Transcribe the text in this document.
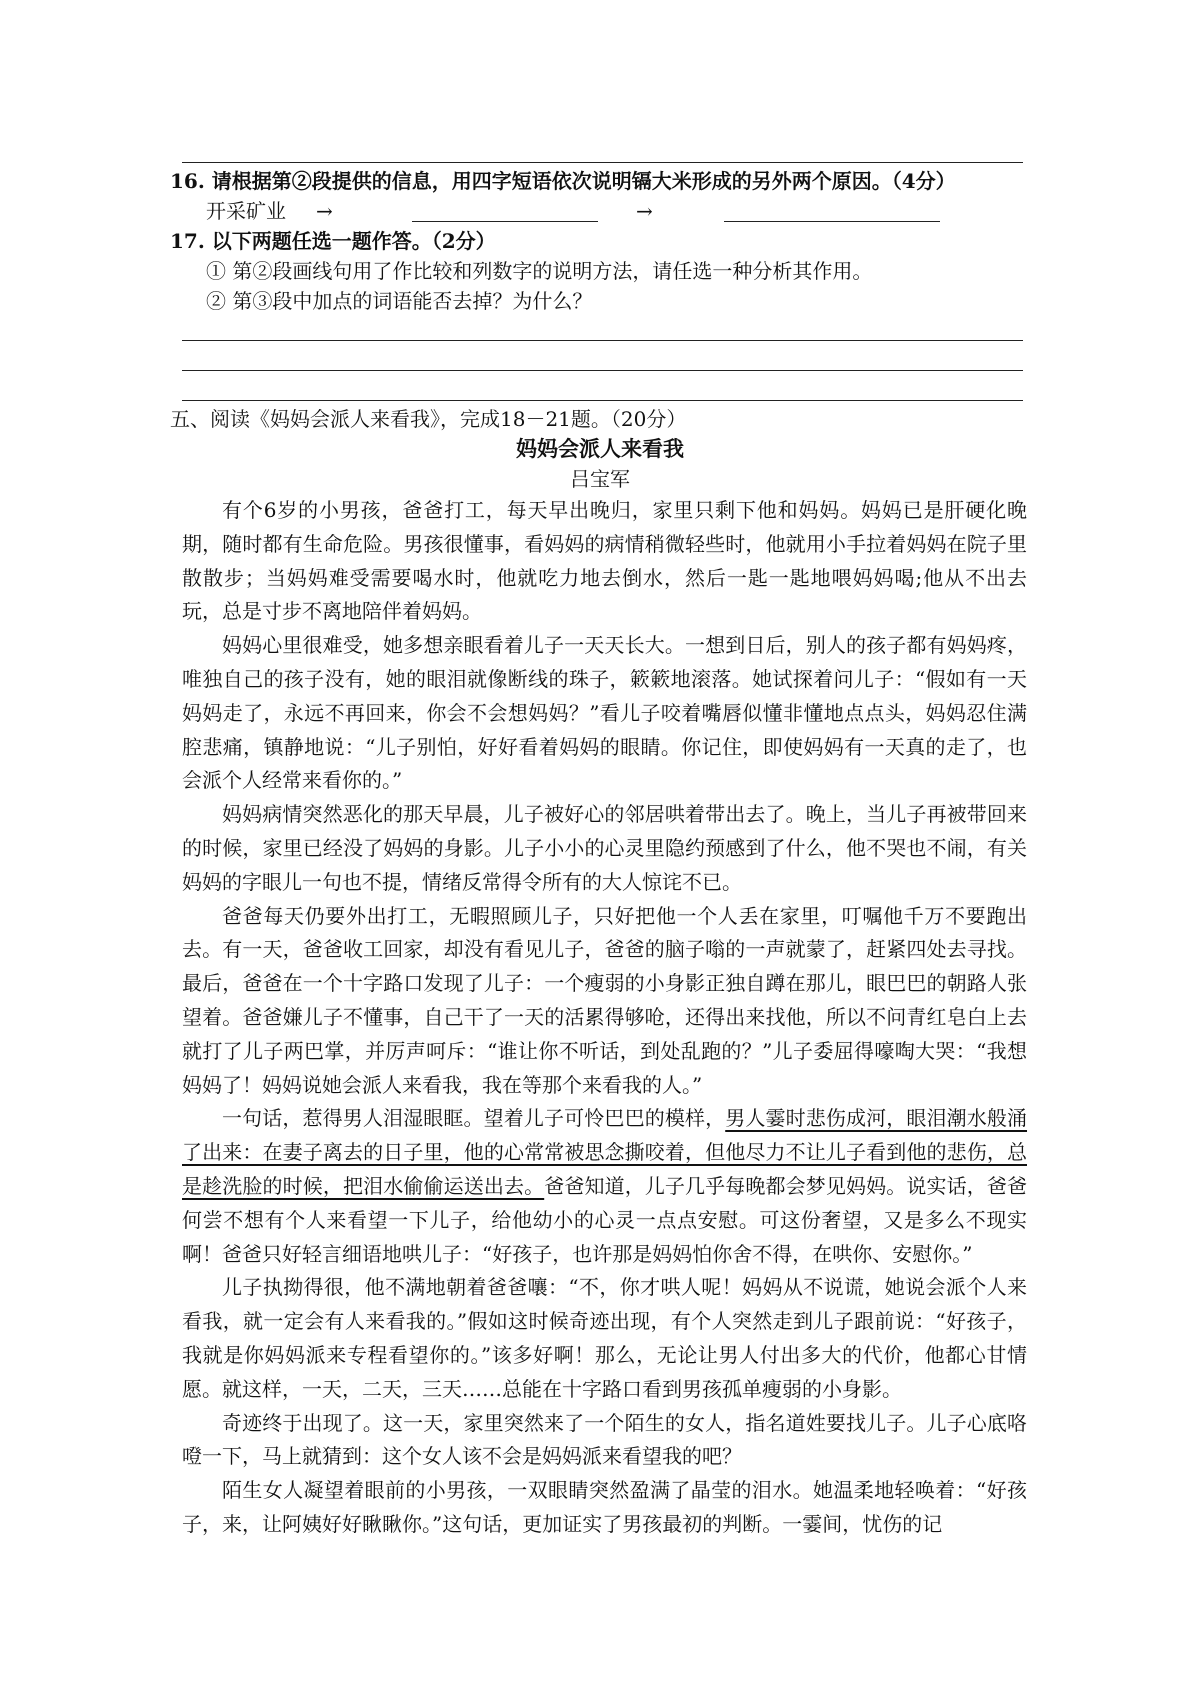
16. 请根据第②段提供的信息，用四字短语依次说明镉大米形成的另外两个原因。（4分）
开采矿业 →	→
17. 以下两题任选一题作答。（2分）
① 第②段画线句用了作比较和列数字的说明方法，请任选一种分析其作用。
② 第③段中加点的词语能否去掉？为什么？
五、阅读《妈妈会派人来看我》，完成18－21题。（20分）
妈妈会派人来看我
吕宝军

有个6岁的小男孩，爸爸打工，每天早出晚归，家里只剩下他和妈妈。妈妈已是肝硬化晚期，随时都有生命危险。男孩很懂事，看妈妈的病情稍微轻些时，他就用小手拉着妈妈在院子里散散步；当妈妈难受需要喝水时，他就吃力地去倒水，然后一匙一匙地喂妈妈喝;他从不出去玩，总是寸步不离地陪伴着妈妈。

妈妈心里很难受，她多想亲眼看着儿子一天天长大。一想到日后，别人的孩子都有妈妈疼，唯独自己的孩子没有，她的眼泪就像断线的珠子，簌簌地滚落。她试探着问儿子：“假如有一天妈妈走了，永远不再回来，你会不会想妈妈？”看儿子咬着嘴唇似懂非懂地点点头，妈妈忍住满腔悲痛，镇静地说：“儿子别怕，好好看着妈妈的眼睛。你记住，即使妈妈有一天真的走了，也会派个人经常来看你的。”

妈妈病情突然恶化的那天早晨，儿子被好心的邻居哄着带出去了。晚上，当儿子再被带回来的时候，家里已经没了妈妈的身影。儿子小小的心灵里隐约预感到了什么，他不哭也不闹，有关妈妈的字眼儿一句也不提，情绪反常得令所有的大人惊诧不已。

爸爸每天仍要外出打工，无暇照顾儿子，只好把他一个人丢在家里，叮嘱他千万不要跑出去。有一天，爸爸收工回家，却没有看见儿子，爸爸的脑子嗡的一声就蒙了，赶紧四处去寻找。最后，爸爸在一个十字路口发现了儿子：一个瘦弱的小身影正独自蹲在那儿，眼巴巴的朝路人张望着。爸爸嫌儿子不懂事，自己干了一天的活累得够呛，还得出来找他，所以不问青红皂白上去就打了儿子两巴掌，并厉声呵斥：“谁让你不听话，到处乱跑的？”儿子委屈得嚎啕大哭：“我想妈妈了！妈妈说她会派人来看我，我在等那个来看我的人。”

一句话，惹得男人泪湿眼眶。望着儿子可怜巴巴的模样，男人霎时悲伤成河，眼泪潮水般涌了出来：在妻子离去的日子里，他的心常常被思念撕咬着，但他尽力不让儿子看到他的悲伤，总是趁洗脸的时候，把泪水偷偷运送出去。爸爸知道，儿子几乎每晚都会梦见妈妈。说实话，爸爸何尝不想有个人来看望一下儿子，给他幼小的心灵一点点安慰。可这份奢望，又是多么不现实啊！爸爸只好轻言细语地哄儿子：“好孩子，也许那是妈妈怕你舍不得，在哄你、安慰你。”

儿子执拗得很，他不满地朝着爸爸嚷：“不，你才哄人呢！妈妈从不说谎，她说会派个人来看我，就一定会有人来看我的。”假如这时候奇迹出现，有个人突然走到儿子跟前说：“好孩子，我就是你妈妈派来专程看望你的。”该多好啊！那么，无论让男人付出多大的代价，他都心甘情愿。就这样，一天，二天，三天……总能在十字路口看到男孩孤单瘦弱的小身影。

奇迹终于出现了。这一天，家里突然来了一个陌生的女人，指名道姓要找儿子。儿子心底咯噔一下，马上就猜到：这个女人该不会是妈妈派来看望我的吧？

陌生女人凝望着眼前的小男孩，一双眼睛突然盈满了晶莹的泪水。她温柔地轻唤着：“好孩子，来，让阿姨好好瞅瞅你。”这句话，更加证实了男孩最初的判断。一霎间，忧伤的记
